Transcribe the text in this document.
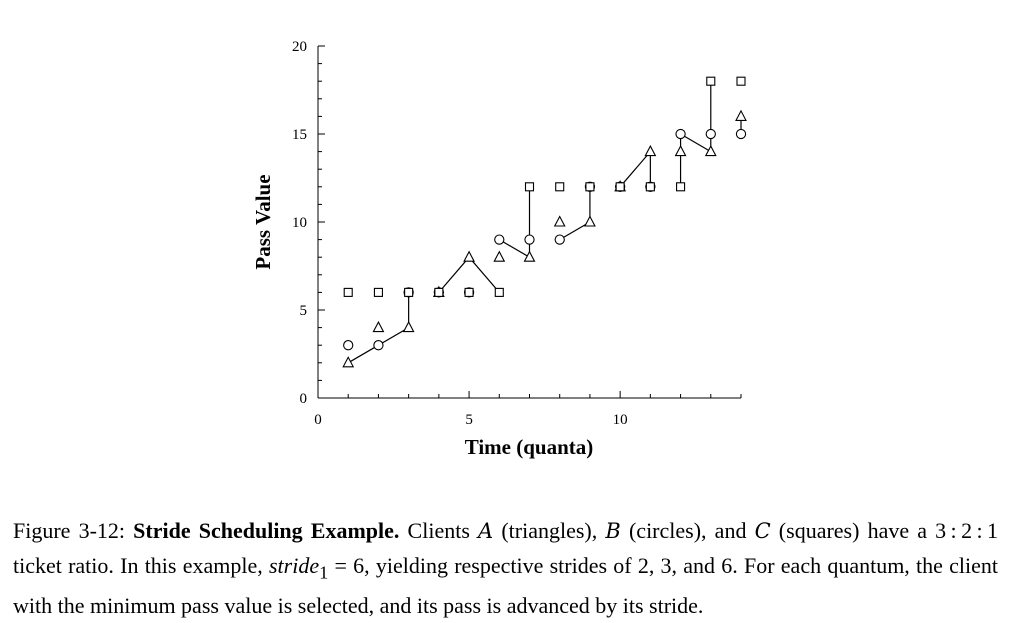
0
5
10
15
20
0	5	10
Time (quanta)
Pass Value
Figure 3-12: Stride Scheduling Example. Clients A (triangles), B (circles), and C (squares) have a 3 : 2 : 1 ticket ratio. In this example, stride$_1$ = 6, yielding respective strides of 2, 3, and 6. For each quantum, the client with the minimum pass value is selected, and its pass is advanced by its stride.
